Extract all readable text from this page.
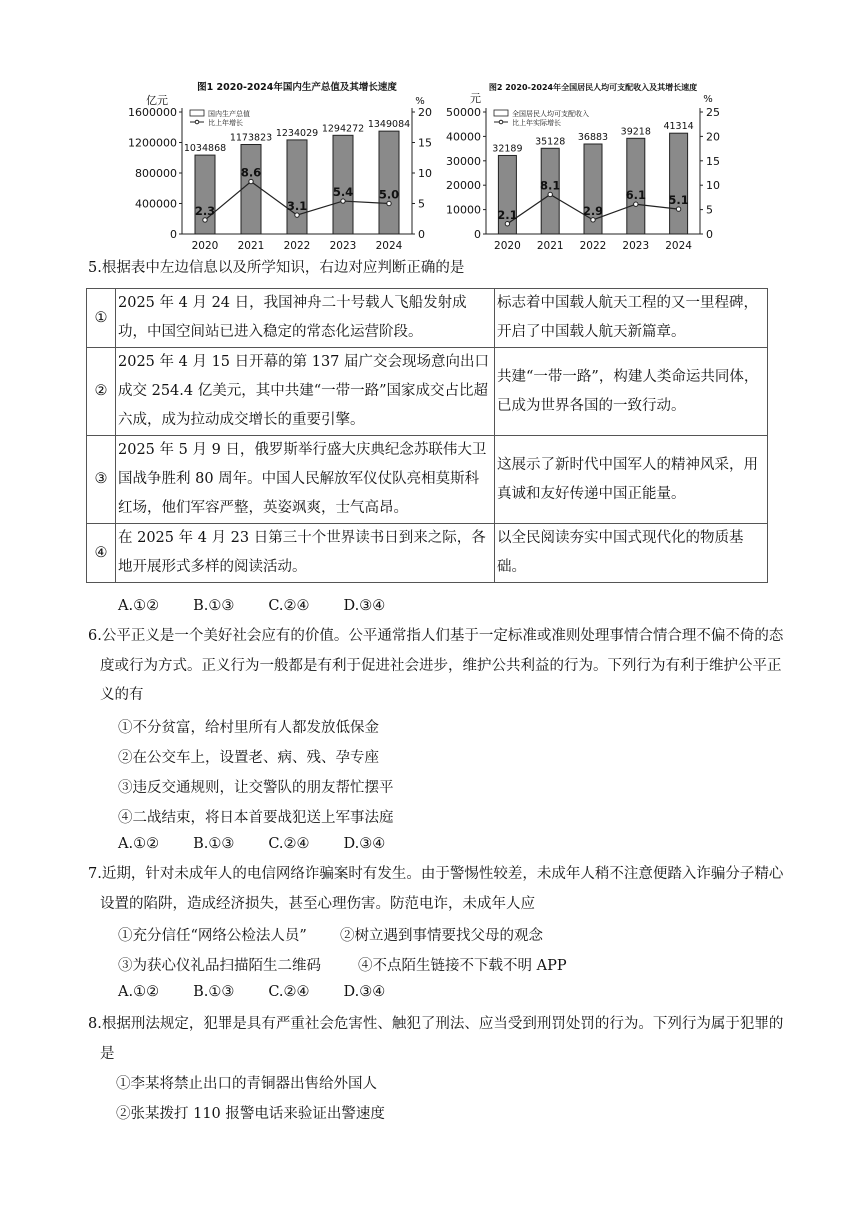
图1 2020-2024年国内生产总值及其增长速度
亿元	%
0
400000
800000
1200000
1600000
0
5
10
15
20
国内生产总值
比上年增长
1034868
2020
1173823
2021
1234029
2022
1294272
2023
1349084
2024
2.3
8.6
3.1
5.4 5.0
图2 2020-2024年全国居民人均可支配收入及其增长速度
元	%
0
10000
20000
30000
40000
50000
0
5
10
15
20
25
全国居民人均可支配收入
比上年实际增长
32189
2020
35128
2021
36883
2022
39218
2023
41314
2024
2.1
8.1
2.9
6.1 5.1
5.根据表中左边信息以及所学知识，右边对应判断正确的是
①	2025 年 4 月 24 日，我国神舟二十号载人飞船发射成功，中国空间站已进入稳定的常态化运营阶段。	标志着中国载人航天工程的又一里程碑，开启了中国载人航天新篇章。
②	2025 年 4 月 15 日开幕的第 137 届广交会现场意向出口成交 254.4 亿美元，其中共建“一带一路”国家成交占比超六成，成为拉动成交增长的重要引擎。	共建“一带一路”，构建人类命运共同体，已成为世界各国的一致行动。
③	2025 年 5 月 9 日，俄罗斯举行盛大庆典纪念苏联伟大卫国战争胜利 80 周年。中国人民解放军仪仗队亮相莫斯科红场，他们军容严整，英姿飒爽，士气高昂。	这展示了新时代中国军人的精神风采，用真诚和友好传递中国正能量。
④	在 2025 年 4 月 23 日第三十个世界读书日到来之际，各地开展形式多样的阅读活动。	以全民阅读夯实中国式现代化的物质基础。
A.①② B.①③ C.②④ D.③④
6.公平正义是一个美好社会应有的价值。公平通常指人们基于一定标准或准则处理事情合情合理不偏不倚的态度或行为方式。正义行为一般都是有利于促进社会进步，维护公共利益的行为。下列行为有利于维护公平正义的有
①不分贫富，给村里所有人都发放低保金
②在公交车上，设置老、病、残、孕专座
③违反交通规则，让交警队的朋友帮忙摆平
④二战结束，将日本首要战犯送上军事法庭
A.①② B.①③ C.②④ D.③④
7.近期，针对未成年人的电信网络诈骗案时有发生。由于警惕性较差，未成年人稍不注意便踏入诈骗分子精心设置的陷阱，造成经济损失，甚至心理伤害。防范电诈，未成年人应
①充分信任“网络公检法人员” ②树立遇到事情要找父母的观念
③为获心仪礼品扫描陌生二维码	④不点陌生链接不下载不明 APP
A.①② B.①③ C.②④ D.③④
8.根据刑法规定，犯罪是具有严重社会危害性、触犯了刑法、应当受到刑罚处罚的行为。下列行为属于犯罪的是
①李某将禁止出口的青铜器出售给外国人
②张某拨打 110 报警电话来验证出警速度
